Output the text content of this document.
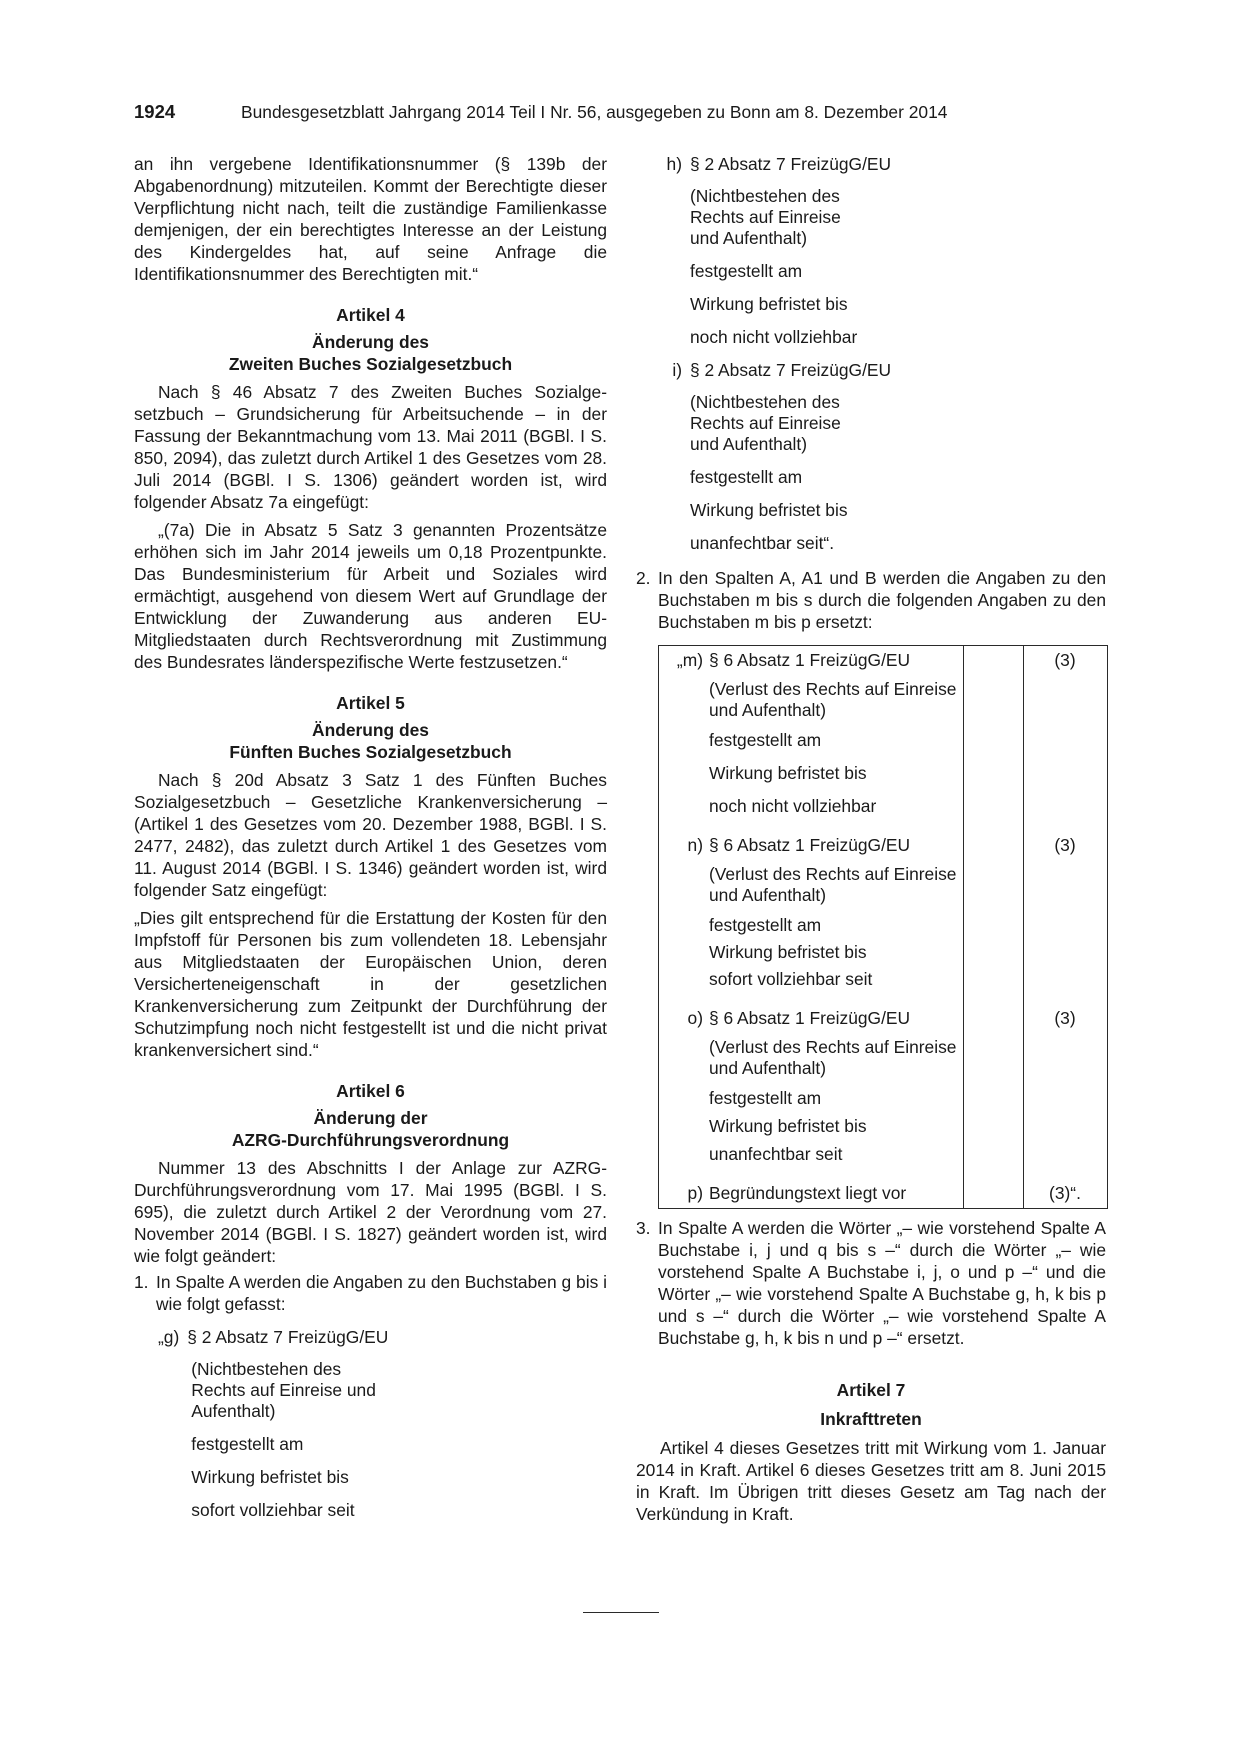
1924	Bundesgesetzblatt Jahrgang 2014 Teil I Nr. 56, ausgegeben zu Bonn am 8. Dezember 2014

an ihn vergebene Identifikationsnummer (§ 139b der Abgabenordnung) mitzuteilen. Kommt der Berechtigte dieser Verpflichtung nicht nach, teilt die zuständige Familienkasse demjenigen, der ein berechtigtes Interesse an der Leistung des Kindergeldes hat, auf seine Anfrage die Identifikationsnummer des Berechtigten mit.“

Artikel 4

Änderung des
Zweiten Buches Sozialgesetzbuch

Nach § 46 Absatz 7 des Zweiten Buches Sozialgesetzbuch – Grundsicherung für Arbeitsuchende – in der Fassung der Bekanntmachung vom 13. Mai 2011 (BGBl. I S. 850, 2094), das zuletzt durch Artikel 1 des Gesetzes vom 28. Juli 2014 (BGBl. I S. 1306) geändert worden ist, wird folgender Absatz 7a eingefügt:

„(7a) Die in Absatz 5 Satz 3 genannten Prozentsätze erhöhen sich im Jahr 2014 jeweils um 0,18 Prozentpunkte. Das Bundesministerium für Arbeit und Soziales wird ermächtigt, ausgehend von diesem Wert auf Grundlage der Entwicklung der Zuwanderung aus anderen EU-Mitgliedstaaten durch Rechtsverordnung mit Zustimmung des Bundesrates länderspezifische Werte festzusetzen.“

Artikel 5

Änderung des
Fünften Buches Sozialgesetzbuch

Nach § 20d Absatz 3 Satz 1 des Fünften Buches Sozialgesetzbuch – Gesetzliche Krankenversicherung – (Artikel 1 des Gesetzes vom 20. Dezember 1988, BGBl. I S. 2477, 2482), das zuletzt durch Artikel 1 des Gesetzes vom 11. August 2014 (BGBl. I S. 1346) geändert worden ist, wird folgender Satz eingefügt:

„Dies gilt entsprechend für die Erstattung der Kosten für den Impfstoff für Personen bis zum vollendeten 18. Lebensjahr aus Mitgliedstaaten der Europäischen Union, deren Versicherteneigenschaft in der gesetzlichen Krankenversicherung zum Zeitpunkt der Durchführung der Schutzimpfung noch nicht festgestellt ist und die nicht privat krankenversichert sind.“

Artikel 6

Änderung der
AZRG-Durchführungsverordnung

Nummer 13 des Abschnitts I der Anlage zur AZRG-Durchführungsverordnung vom 17. Mai 1995 (BGBl. I S. 695), die zuletzt durch Artikel 2 der Verordnung vom 27. November 2014 (BGBl. I S. 1827) geändert worden ist, wird wie folgt geändert:

1. In Spalte A werden die Angaben zu den Buchstaben g bis i wie folgt gefasst:

„g) § 2 Absatz 7 FreizügG/EU
(Nichtbestehen des Rechts auf Einreise und Aufenthalt)
festgestellt am
Wirkung befristet bis
sofort vollziehbar seit
h) § 2 Absatz 7 FreizügG/EU
(Nichtbestehen des Rechts auf Einreise und Aufenthalt)
festgestellt am
Wirkung befristet bis
noch nicht vollziehbar
i) § 2 Absatz 7 FreizügG/EU
(Nichtbestehen des Rechts auf Einreise und Aufenthalt)
festgestellt am
Wirkung befristet bis
unanfechtbar seit“.
2. In den Spalten A, A1 und B werden die Angaben zu den Buchstaben m bis s durch die folgenden Angaben zu den Buchstaben m bis p ersetzt:

„m) § 6 Absatz 1 FreizügG/EU
(Verlust des Rechts auf Einreise und Aufenthalt)
festgestellt am
Wirkung befristet bis
noch nicht vollziehbar
(3)
n) § 6 Absatz 1 FreizügG/EU
(Verlust des Rechts auf Einreise und Aufenthalt)
festgestellt am
Wirkung befristet bis
sofort vollziehbar seit
(3)
o) § 6 Absatz 1 FreizügG/EU
(Verlust des Rechts auf Einreise und Aufenthalt)
festgestellt am
Wirkung befristet bis
unanfechtbar seit
(3)
p) Begründungstext liegt vor	(3)“.
3. In Spalte A werden die Wörter „– wie vorstehend Spalte A Buchstabe i, j und q bis s –“ durch die Wörter „– wie vorstehend Spalte A Buchstabe i, j, o und p –“ und die Wörter „– wie vorstehend Spalte A Buchstabe g, h, k bis p und s –“ durch die Wörter „– wie vorstehend Spalte A Buchstabe g, h, k bis n und p –“ ersetzt.

Artikel 7

Inkrafttreten

Artikel 4 dieses Gesetzes tritt mit Wirkung vom 1. Januar 2014 in Kraft. Artikel 6 dieses Gesetzes tritt am 8. Juni 2015 in Kraft. Im Übrigen tritt dieses Gesetz am Tag nach der Verkündung in Kraft.
